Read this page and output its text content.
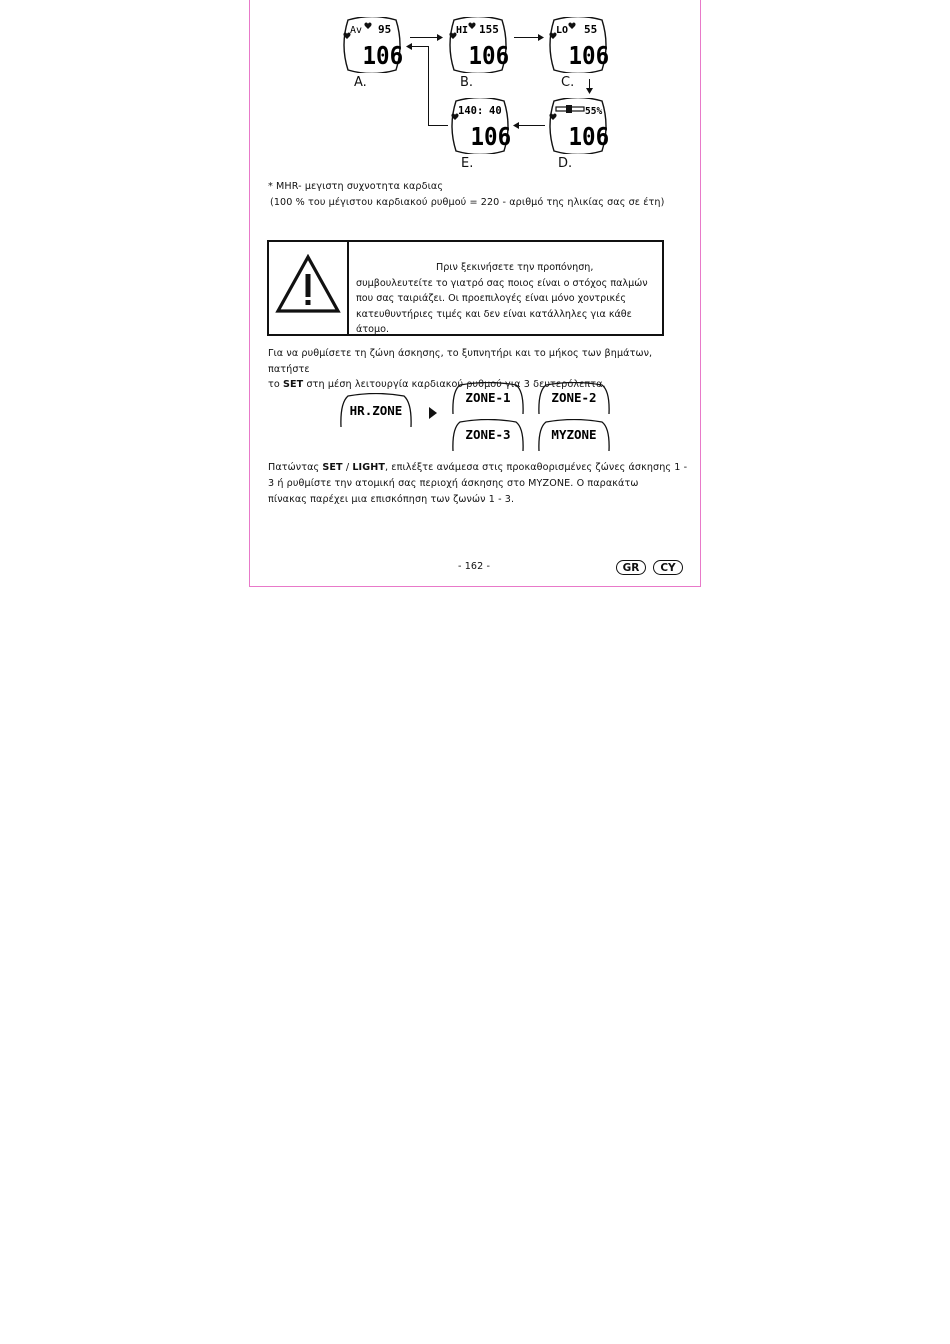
Av 95
106
A.
HI 155
106
B.
LO 55
106
C.
55%
106
D.
140: 40
106
E.
* MHR- μεγιστη συχνοτητα καρδιας
(100 % του μέγιστου καρδιακού ρυθμού = 220 - αριθμό της ηλικίας σας σε έτη)
Πριν ξεκινήσετε την προπόνηση,
συμβουλευτείτε το γιατρό σας ποιος είναι ο στόχος παλμών
που σας ταιριάζει. Οι προεπιλογές είναι μόνο χοντρικές
κατευθυντήριες τιμές και δεν είναι κατάλληλες για κάθε άτομο.
Για να ρυθμίσετε τη ζώνη άσκησης, το ξυπνητήρι και το μήκος των βημάτων, πατήστε
το SET στη μέση λειτουργία καρδιακού ρυθμού για 3 δευτερόλεπτα.
HR.ZONE
ZONE-1	ZONE-2
ZONE-3	MYZONE
Πατώντας SET / LIGHT, επιλέξτε ανάμεσα στις προκαθορισμένες ζώνες άσκησης 1 -
3 ή ρυθμίστε την ατομική σας περιοχή άσκησης στο MYZONE. Ο παρακάτω
πίνακας παρέχει μια επισκόπηση των ζωνών 1 - 3.
- 162 -	GR	CY
